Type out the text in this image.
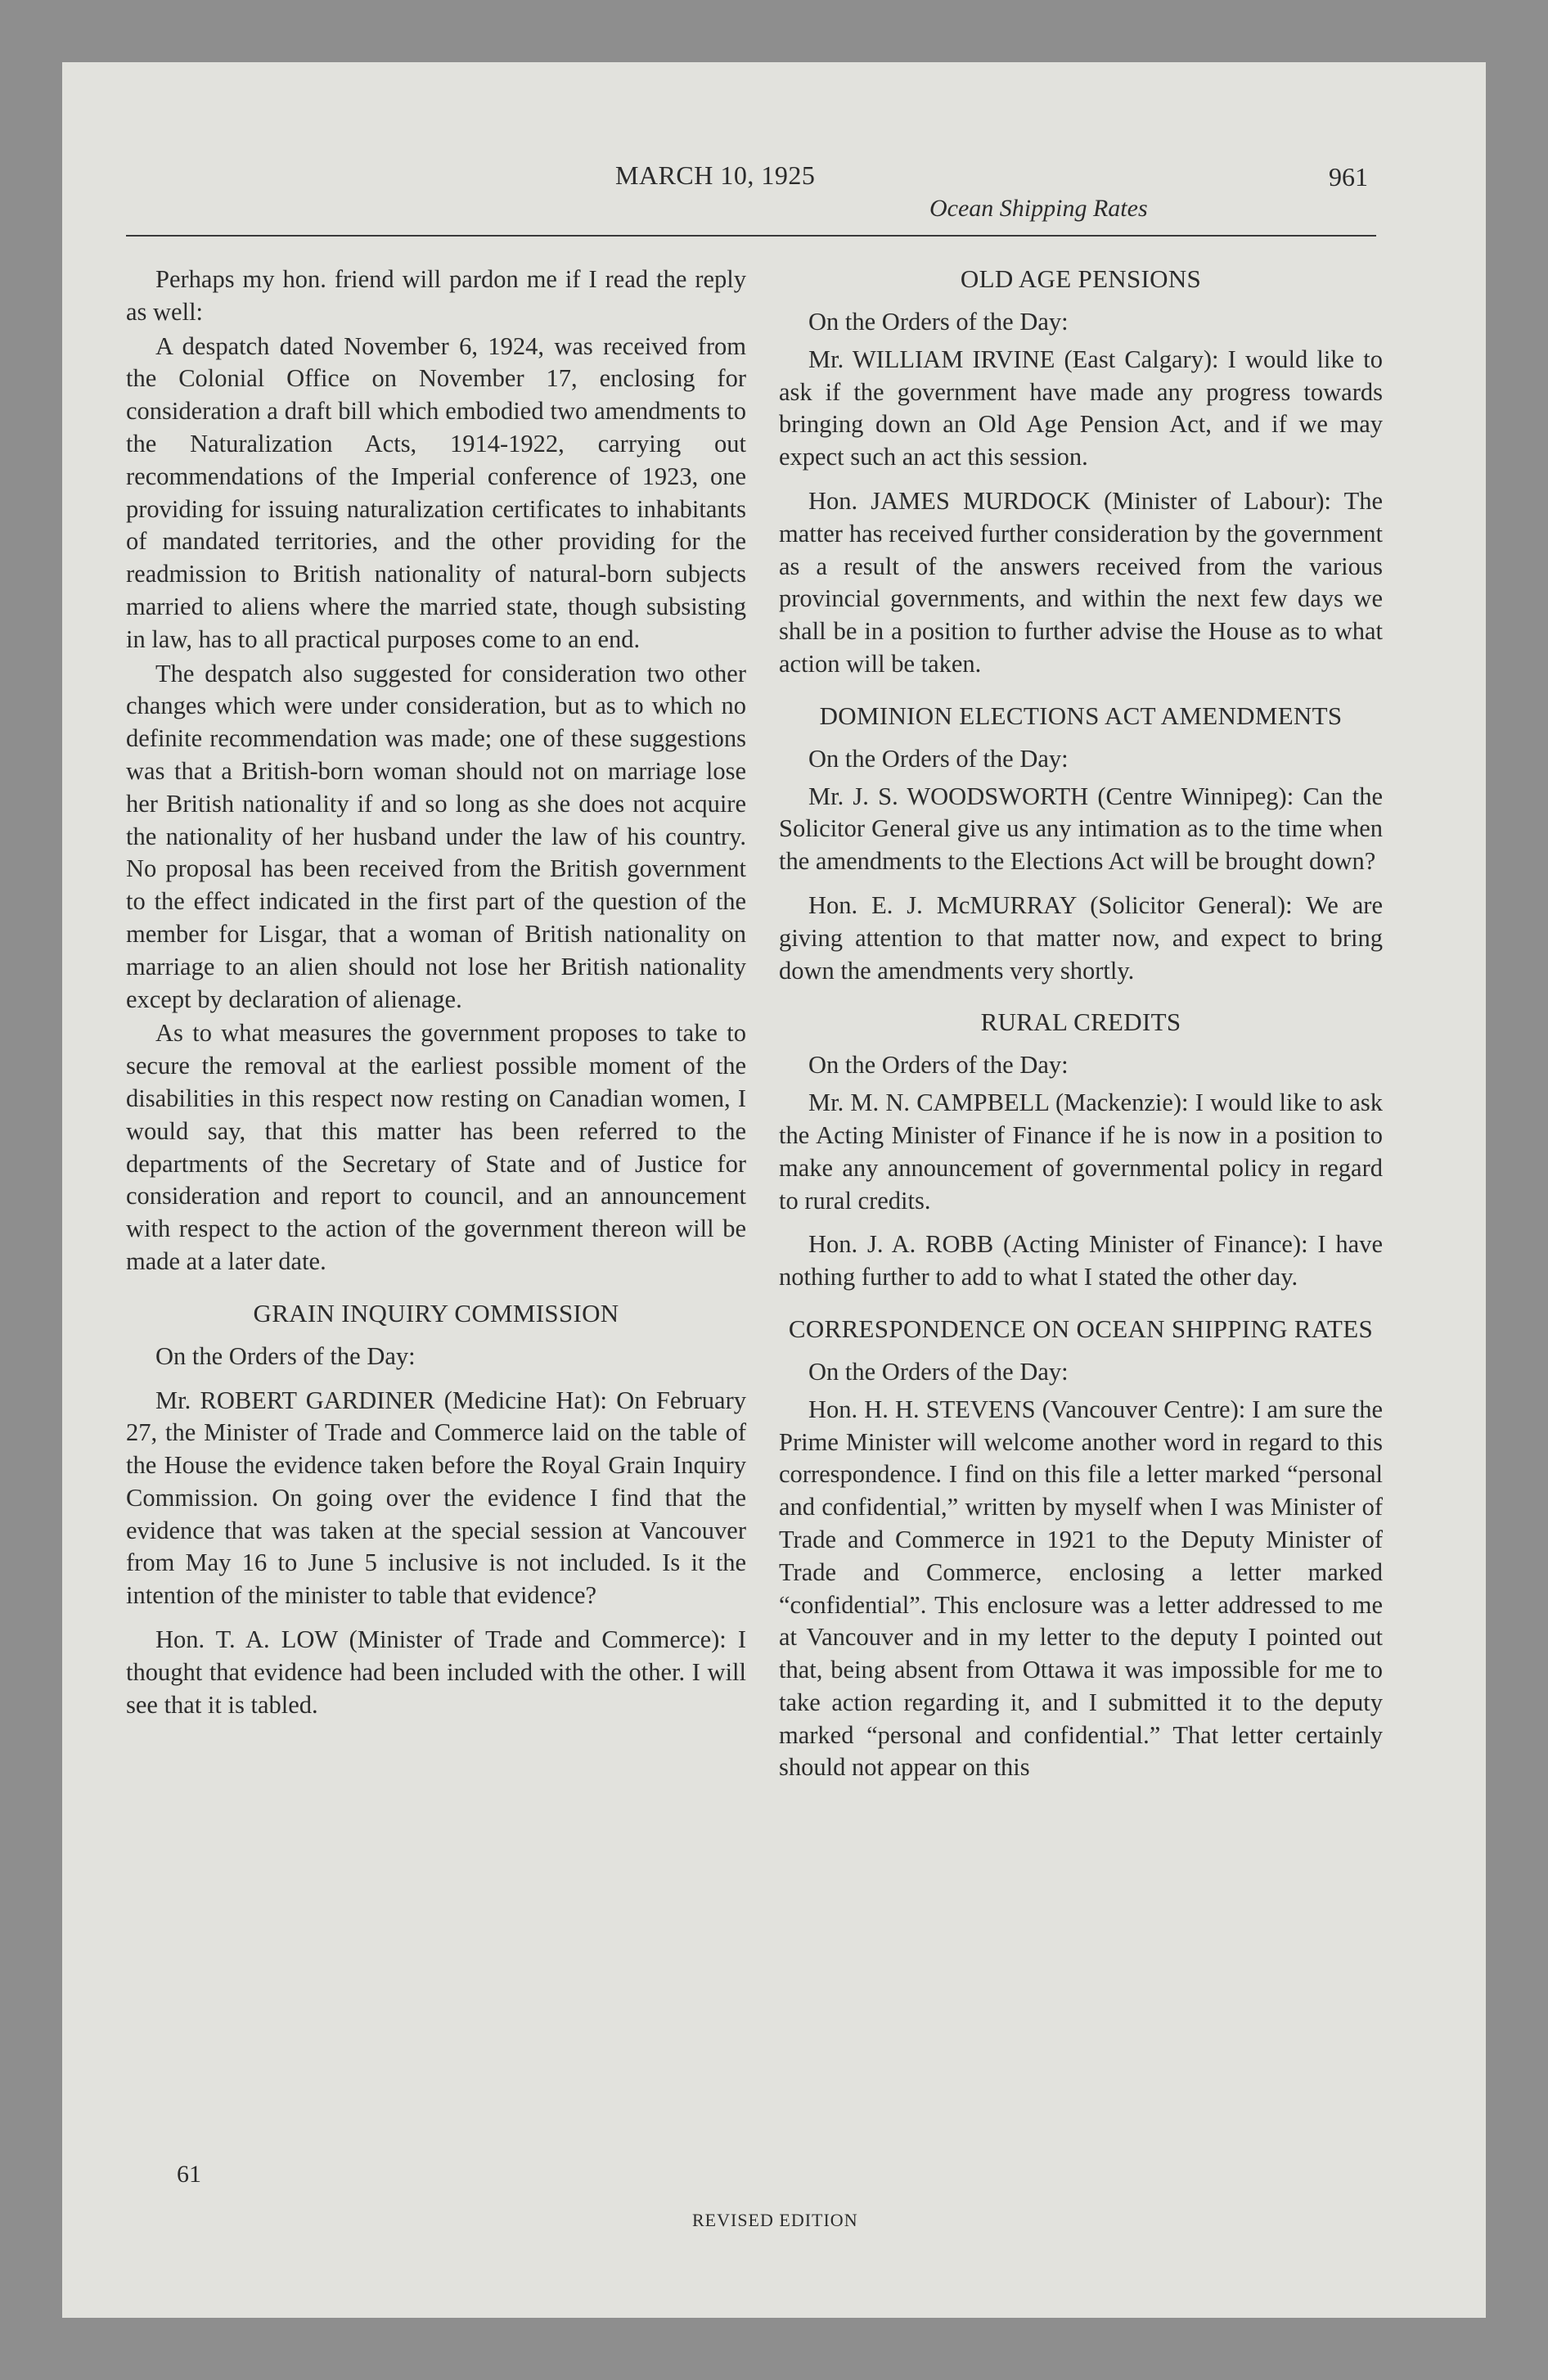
MARCH 10, 1925
Ocean Shipping Rates
961

Perhaps my hon. friend will pardon me if I read the reply as well:

A despatch dated November 6, 1924, was received from the Colonial Office on November 17, enclosing for consideration a draft bill which embodied two amendments to the Naturalization Acts, 1914-1922, carrying out recommendations of the Imperial conference of 1923, one providing for issuing naturalization certificates to inhabitants of mandated territories, and the other providing for the readmission to British nationality of natural-born subjects married to aliens where the married state, though subsisting in law, has to all practical purposes come to an end.

The despatch also suggested for consideration two other changes which were under consideration, but as to which no definite recommendation was made; one of these suggestions was that a British-born woman should not on marriage lose her British nationality if and so long as she does not acquire the nationality of her husband under the law of his country. No proposal has been received from the British government to the effect indicated in the first part of the question of the member for Lisgar, that a woman of British nationality on marriage to an alien should not lose her British nationality except by declaration of alienage.

As to what measures the government proposes to take to secure the removal at the earliest possible moment of the disabilities in this respect now resting on Canadian women, I would say, that this matter has been referred to the departments of the Secretary of State and of Justice for consideration and report to council, and an announcement with respect to the action of the government thereon will be made at a later date.

GRAIN INQUIRY COMMISSION

On the Orders of the Day:

Mr. ROBERT GARDINER (Medicine Hat): On February 27, the Minister of Trade and Commerce laid on the table of the House the evidence taken before the Royal Grain Inquiry Commission. On going over the evidence I find that the evidence that was taken at the special session at Vancouver from May 16 to June 5 inclusive is not included. Is it the intention of the minister to table that evidence?

Hon. T. A. LOW (Minister of Trade and Commerce): I thought that evidence had been included with the other. I will see that it is tabled.

OLD AGE PENSIONS

On the Orders of the Day:

Mr. WILLIAM IRVINE (East Calgary): I would like to ask if the government have made any progress towards bringing down an Old Age Pension Act, and if we may expect such an act this session.

Hon. JAMES MURDOCK (Minister of Labour): The matter has received further consideration by the government as a result of the answers received from the various provincial governments, and within the next few days we shall be in a position to further advise the House as to what action will be taken.

DOMINION ELECTIONS ACT AMENDMENTS

On the Orders of the Day:

Mr. J. S. WOODSWORTH (Centre Winnipeg): Can the Solicitor General give us any intimation as to the time when the amendments to the Elections Act will be brought down?

Hon. E. J. McMURRAY (Solicitor General): We are giving attention to that matter now, and expect to bring down the amendments very shortly.

RURAL CREDITS

On the Orders of the Day:

Mr. M. N. CAMPBELL (Mackenzie): I would like to ask the Acting Minister of Finance if he is now in a position to make any announcement of governmental policy in regard to rural credits.

Hon. J. A. ROBB (Acting Minister of Finance): I have nothing further to add to what I stated the other day.

CORRESPONDENCE ON OCEAN SHIPPING RATES

On the Orders of the Day:

Hon. H. H. STEVENS (Vancouver Centre): I am sure the Prime Minister will welcome another word in regard to this correspondence. I find on this file a letter marked “personal and confidential,” written by myself when I was Minister of Trade and Commerce in 1921 to the Deputy Minister of Trade and Commerce, enclosing a letter marked “confidential”. This enclosure was a letter addressed to me at Vancouver and in my letter to the deputy I pointed out that, being absent from Ottawa it was impossible for me to take action regarding it, and I submitted it to the deputy marked “personal and confidential.” That letter certainly should not appear on this

61
REVISED EDITION
